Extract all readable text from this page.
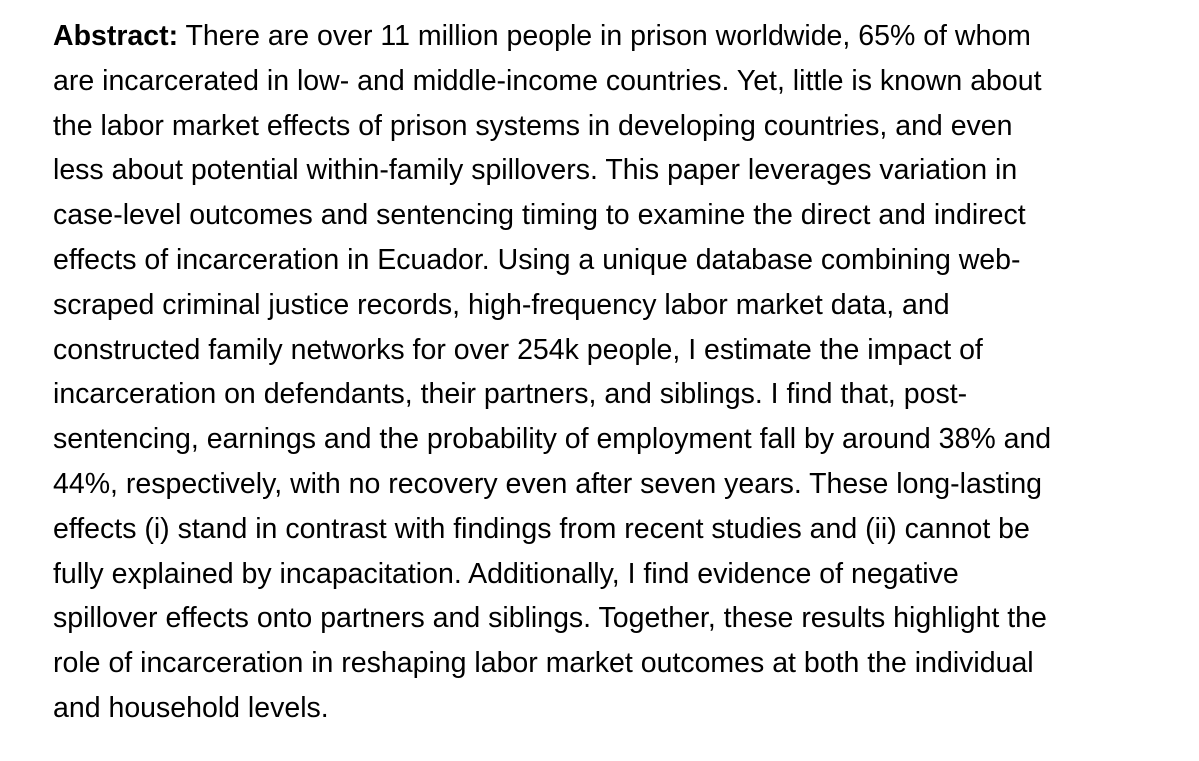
Abstract: There are over 11 million people in prison worldwide, 65% of whom
are incarcerated in low- and middle-income countries. Yet, little is known about
the labor market effects of prison systems in developing countries, and even
less about potential within-family spillovers. This paper leverages variation in
case-level outcomes and sentencing timing to examine the direct and indirect
effects of incarceration in Ecuador. Using a unique database combining web-
scraped criminal justice records, high-frequency labor market data, and
constructed family networks for over 254k people, I estimate the impact of
incarceration on defendants, their partners, and siblings. I find that, post-
sentencing, earnings and the probability of employment fall by around 38% and
44%, respectively, with no recovery even after seven years. These long-lasting
effects (i) stand in contrast with findings from recent studies and (ii) cannot be
fully explained by incapacitation. Additionally, I find evidence of negative
spillover effects onto partners and siblings. Together, these results highlight the
role of incarceration in reshaping labor market outcomes at both the individual
and household levels.
